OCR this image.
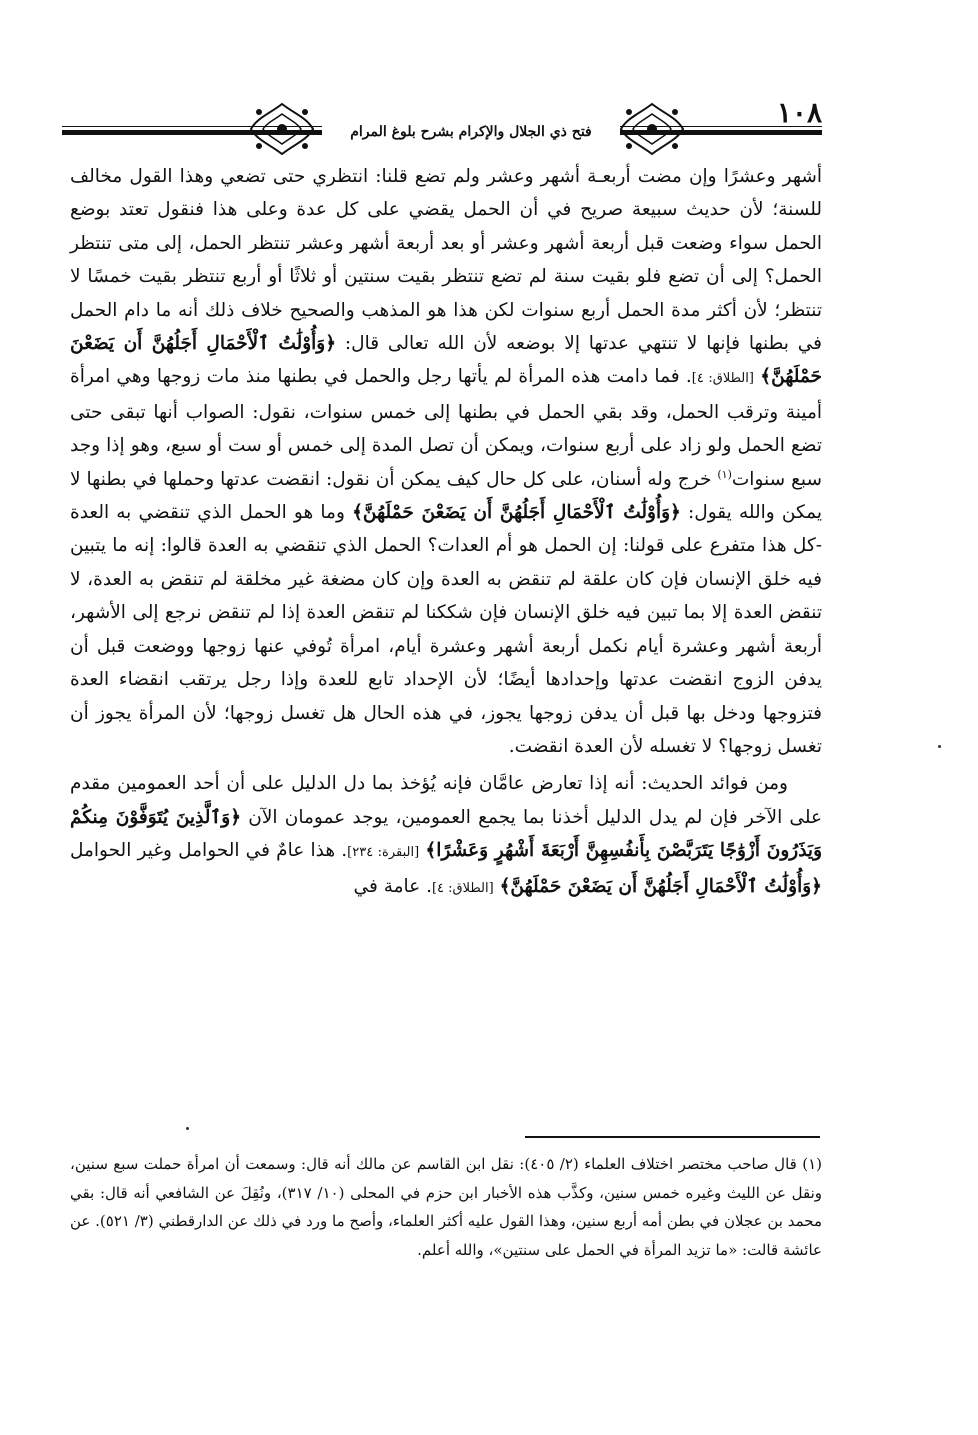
فتح ذي الجلال والإكرام بشرح بلوغ المرام
١٠٨

أشهر وعشرًا وإن مضت أربعـة أشهر وعشر ولم تضع قلنا: انتظري حتى تضعي وهذا القول مخالف للسنة؛ لأن حديث سبيعة صريح في أن الحمل يقضي على كل عدة وعلى هذا فنقول تعتد بوضع الحمل سواء وضعت قبل أربعة أشهر وعشر أو بعد أربعة أشهر وعشر تنتظر الحمل، إلى متى تنتظر الحمل؟ إلى أن تضع فلو بقيت سنة لم تضع تنتظر بقيت سنتين أو ثلاثًا أو أربع تنتظر بقيت خمسًا لا تنتظر؛ لأن أكثر مدة الحمل أربع سنوات لكن هذا هو المذهب والصحيح خلاف ذلك أنه ما دام الحمل في بطنها فإنها لا تنتهي عدتها إلا بوضعه لأن الله تعالى قال: ﴿وَأُوْلَٰتُ ٱلْأَحْمَالِ أَجَلُهُنَّ أَن يَضَعْنَ حَمْلَهُنَّ﴾ [الطلاق: ٤]. فما دامت هذه المرأة لم يأتها رجل والحمل في بطنها منذ مات زوجها وهي امرأة أمينة وترقب الحمل، وقد بقي الحمل في بطنها إلى خمس سنوات، نقول: الصواب أنها تبقى حتى تضع الحمل ولو زاد على أربع سنوات، ويمكن أن تصل المدة إلى خمس أو ست أو سبع، وهو إذا وجد سبع سنوات$^{(١)}$ خرج وله أسنان، على كل حال كيف يمكن أن نقول: انقضت عدتها وحملها في بطنها لا يمكن والله يقول: ﴿وَأُوْلَٰتُ ٱلْأَحْمَالِ أَجَلُهُنَّ أَن يَضَعْنَ حَمْلَهُنَّ﴾ وما هو الحمل الذي تنقضي به العدة -كل هذا متفرع على قولنا: إن الحمل هو أم العدات؟ الحمل الذي تنقضي به العدة قالوا: إنه ما يتبين فيه خلق الإنسان فإن كان علقة لم تنقض به العدة وإن كان مضغة غير مخلقة لم تنقض به العدة، لا تنقض العدة إلا بما تبين فيه خلق الإنسان فإن شككنا لم تنقض العدة إذا لم تنقض نرجع إلى الأشهر، أربعة أشهر وعشرة أيام نكمل أربعة أشهر وعشرة أيام، امرأة تُوفي عنها زوجها ووضعت قبل أن يدفن الزوج انقضت عدتها وإحدادها أيضًا؛ لأن الإحداد تابع للعدة وإذا رجل يرتقب انقضاء العدة فتزوجها ودخل بها قبل أن يدفن زوجها يجوز، في هذه الحال هل تغسل زوجها؛ لأن المرأة يجوز أن تغسل زوجها؟ لا تغسله لأن العدة انقضت.

ومن فوائد الحديث: أنه إذا تعارض عامَّان فإنه يُؤخذ بما دل الدليل على أن أحد العمومين مقدم على الآخر فإن لم يدل الدليل أخذنا بما يجمع العمومين، يوجد عمومان الآن ﴿وَٱلَّذِينَ يُتَوَفَّوْنَ مِنكُمْ وَيَذَرُونَ أَزْوَٰجًا يَتَرَبَّصْنَ بِأَنفُسِهِنَّ أَرْبَعَةَ أَشْهُرٍ وَعَشْرًا﴾ [البقرة: ٢٣٤]. هذا عامٌ في الحوامل وغير الحوامل ﴿وَأُوْلَٰتُ ٱلْأَحْمَالِ أَجَلُهُنَّ أَن يَضَعْنَ حَمْلَهُنَّ﴾ [الطلاق: ٤]. عامة في

(١) قال صاحب مختصر اختلاف العلماء (٢/ ٤٠٥): نقل ابن القاسم عن مالك أنه قال: وسمعت أن امرأة حملت سبع سنين، ونقل عن الليث وغيره خمس سنين، وكذَّب هذه الأخبار ابن حزم في المحلى (١٠/ ٣١٧)، ونُقِلَ عن الشافعي أنه قال: بقي محمد بن عجلان في بطن أمه أربع سنين، وهذا القول عليه أكثر العلماء، وأصح ما ورد في ذلك عن الدارقطني (٣/ ٥٢١). عن عائشة قالت: «ما تزيد المرأة في الحمل على سنتين»، والله أعلم.
